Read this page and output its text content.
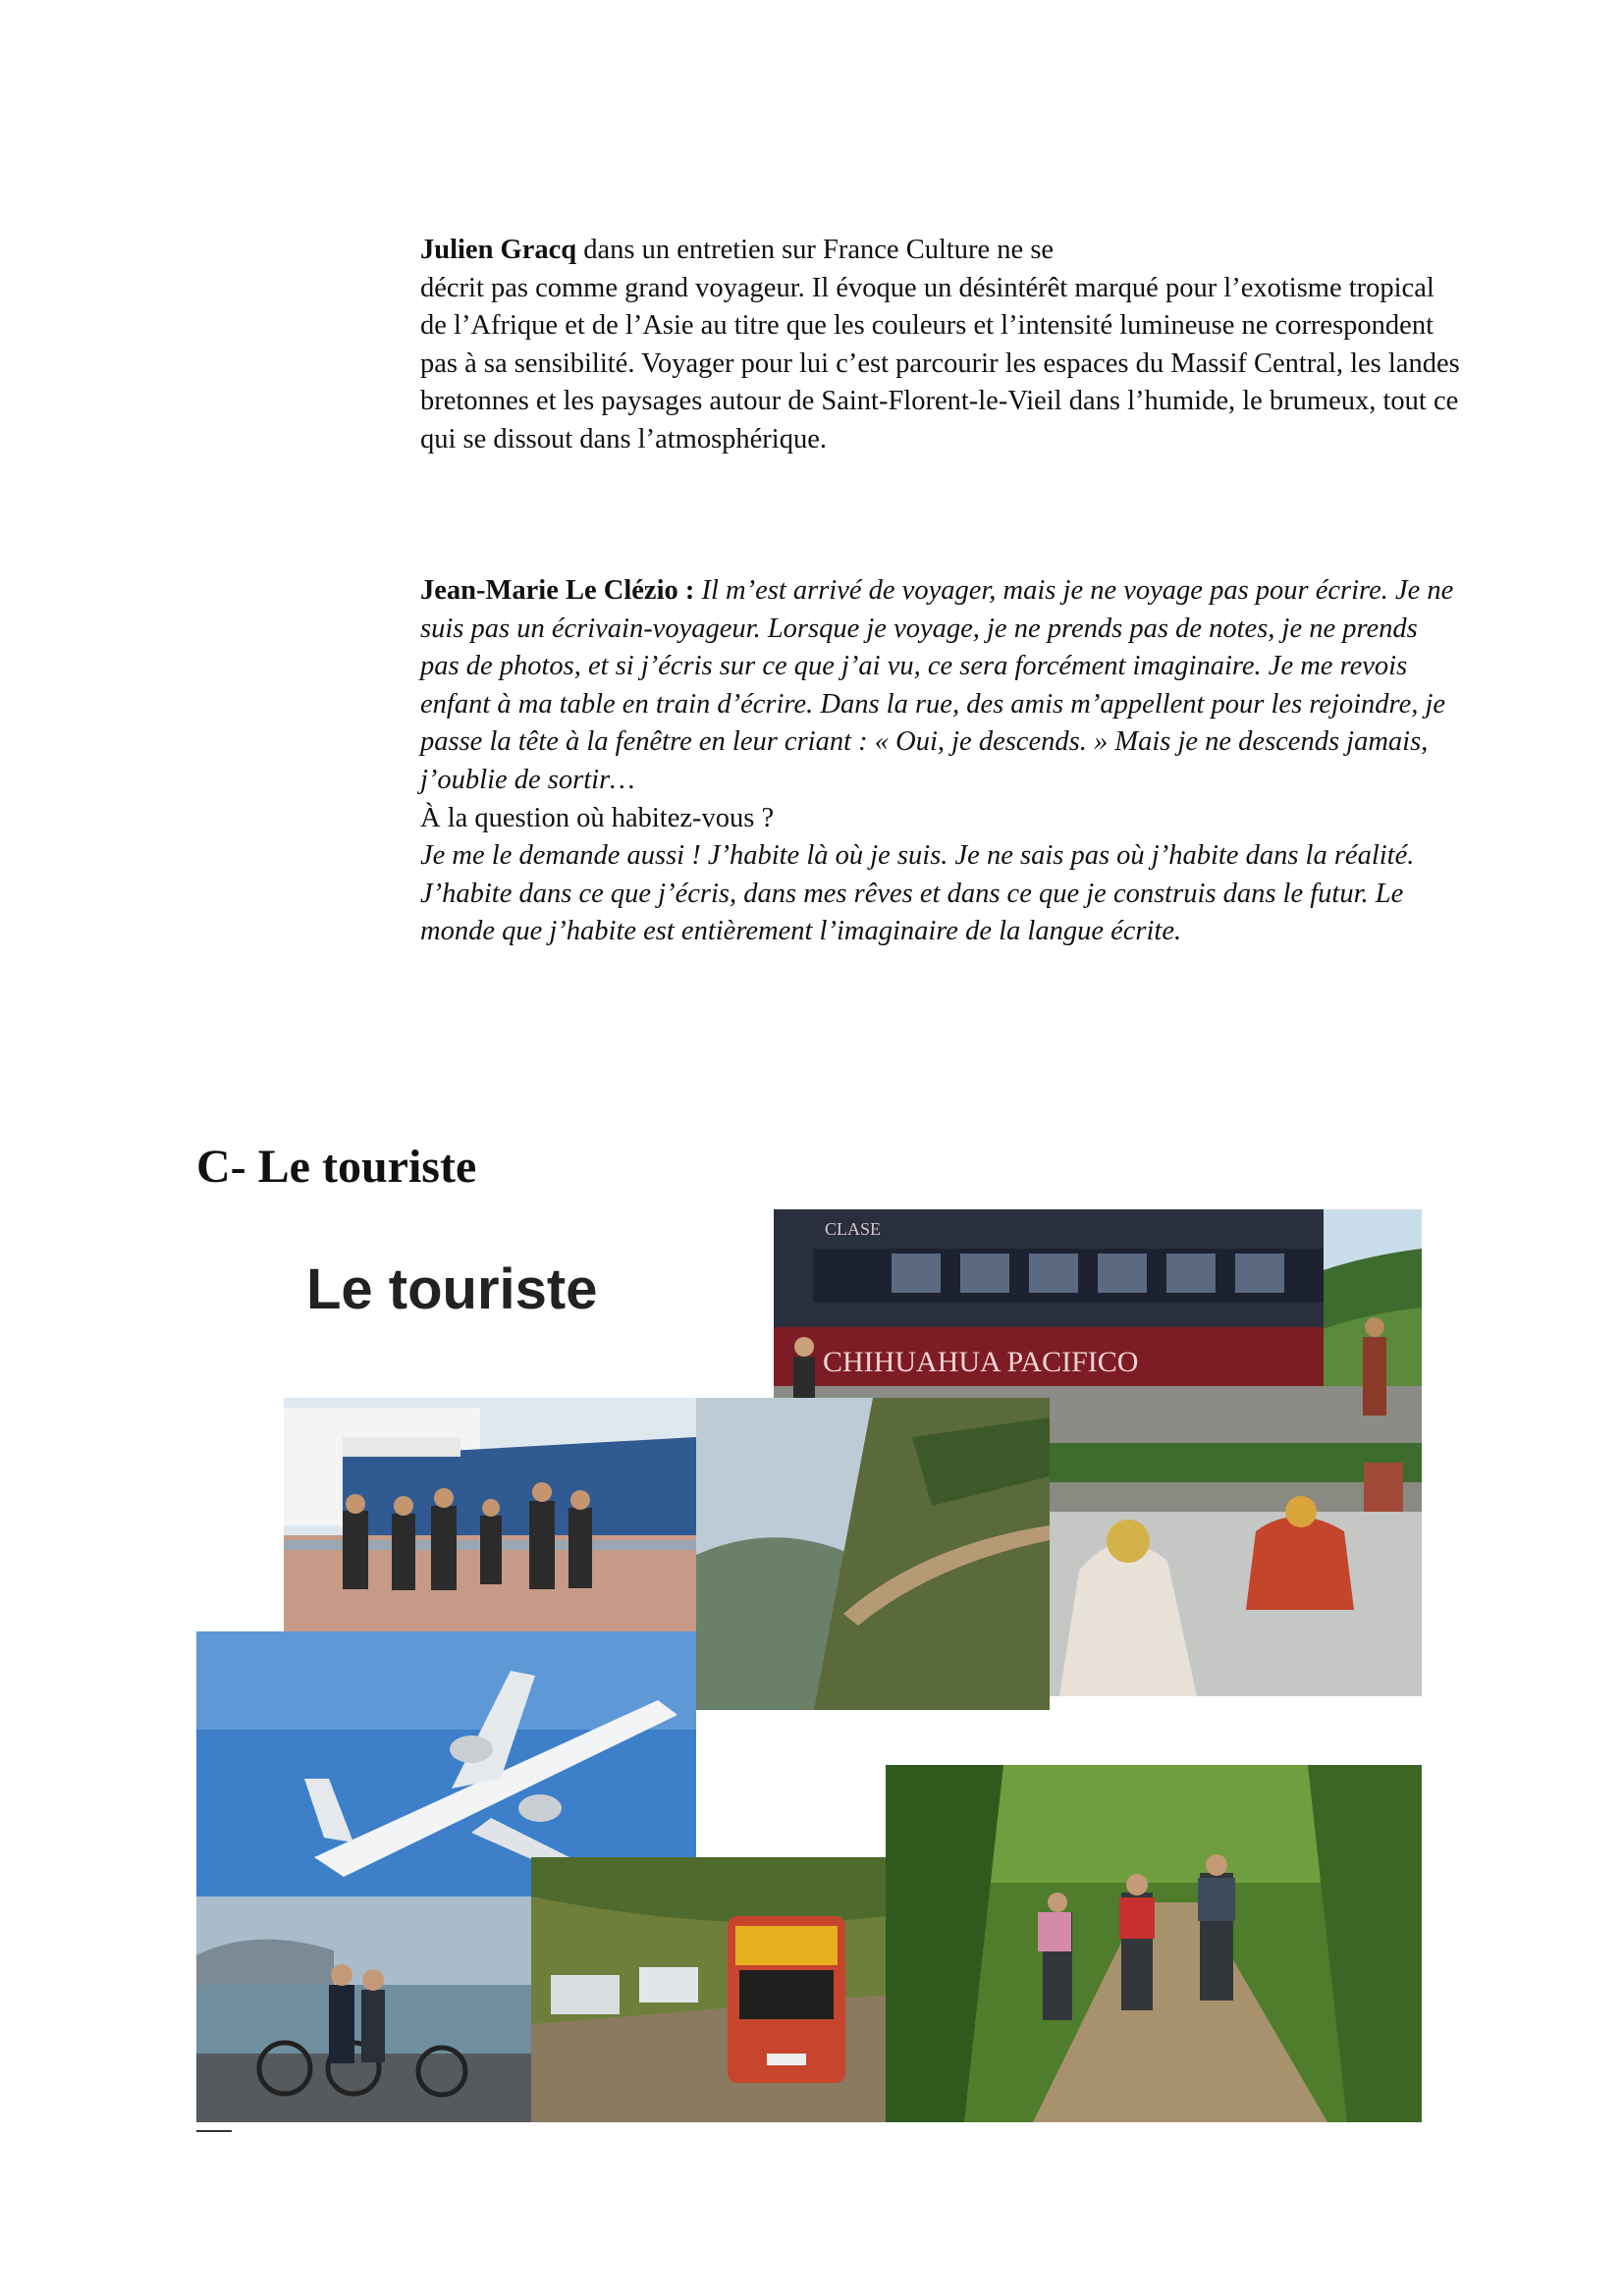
Julien Gracq dans un entretien sur France Culture ne se

décrit pas comme grand voyageur. Il évoque un désintérêt marqué pour l’exotisme tropical de l’Afrique et de l’Asie au titre que les couleurs et l’intensité lumineuse ne correspondent pas à sa sensibilité. Voyager pour lui c’est parcourir les espaces du Massif Central, les landes bretonnes et les paysages autour de Saint-Florent-le-Vieil dans l’humide, le brumeux, tout ce qui se dissout dans l’atmosphérique.

Jean-Marie Le Clézio : Il m’est arrivé de voyager, mais je ne voyage pas pour écrire. Je ne suis pas un écrivain-voyageur. Lorsque je voyage, je ne prends pas de notes, je ne prends pas de photos, et si j’écris sur ce que j’ai vu, ce sera forcément imaginaire. Je me revois enfant à ma table en train d’écrire. Dans la rue, des amis m’appellent pour les rejoindre, je passe la tête à la fenêtre en leur criant : « Oui, je descends. » Mais je ne descends jamais, j’oublie de sortir…

À la question où habitez-vous ?

Je me le demande aussi ! J’habite là où je suis. Je ne sais pas où j’habite dans la réalité. J’habite dans ce que j’écris, dans mes rêves et dans ce que je construis dans le futur. Le monde que j’habite est entièrement l’imaginaire de la langue écrite.

C- Le touriste
Le touriste
CLASE
CHIHUAHUA PACIFICO
